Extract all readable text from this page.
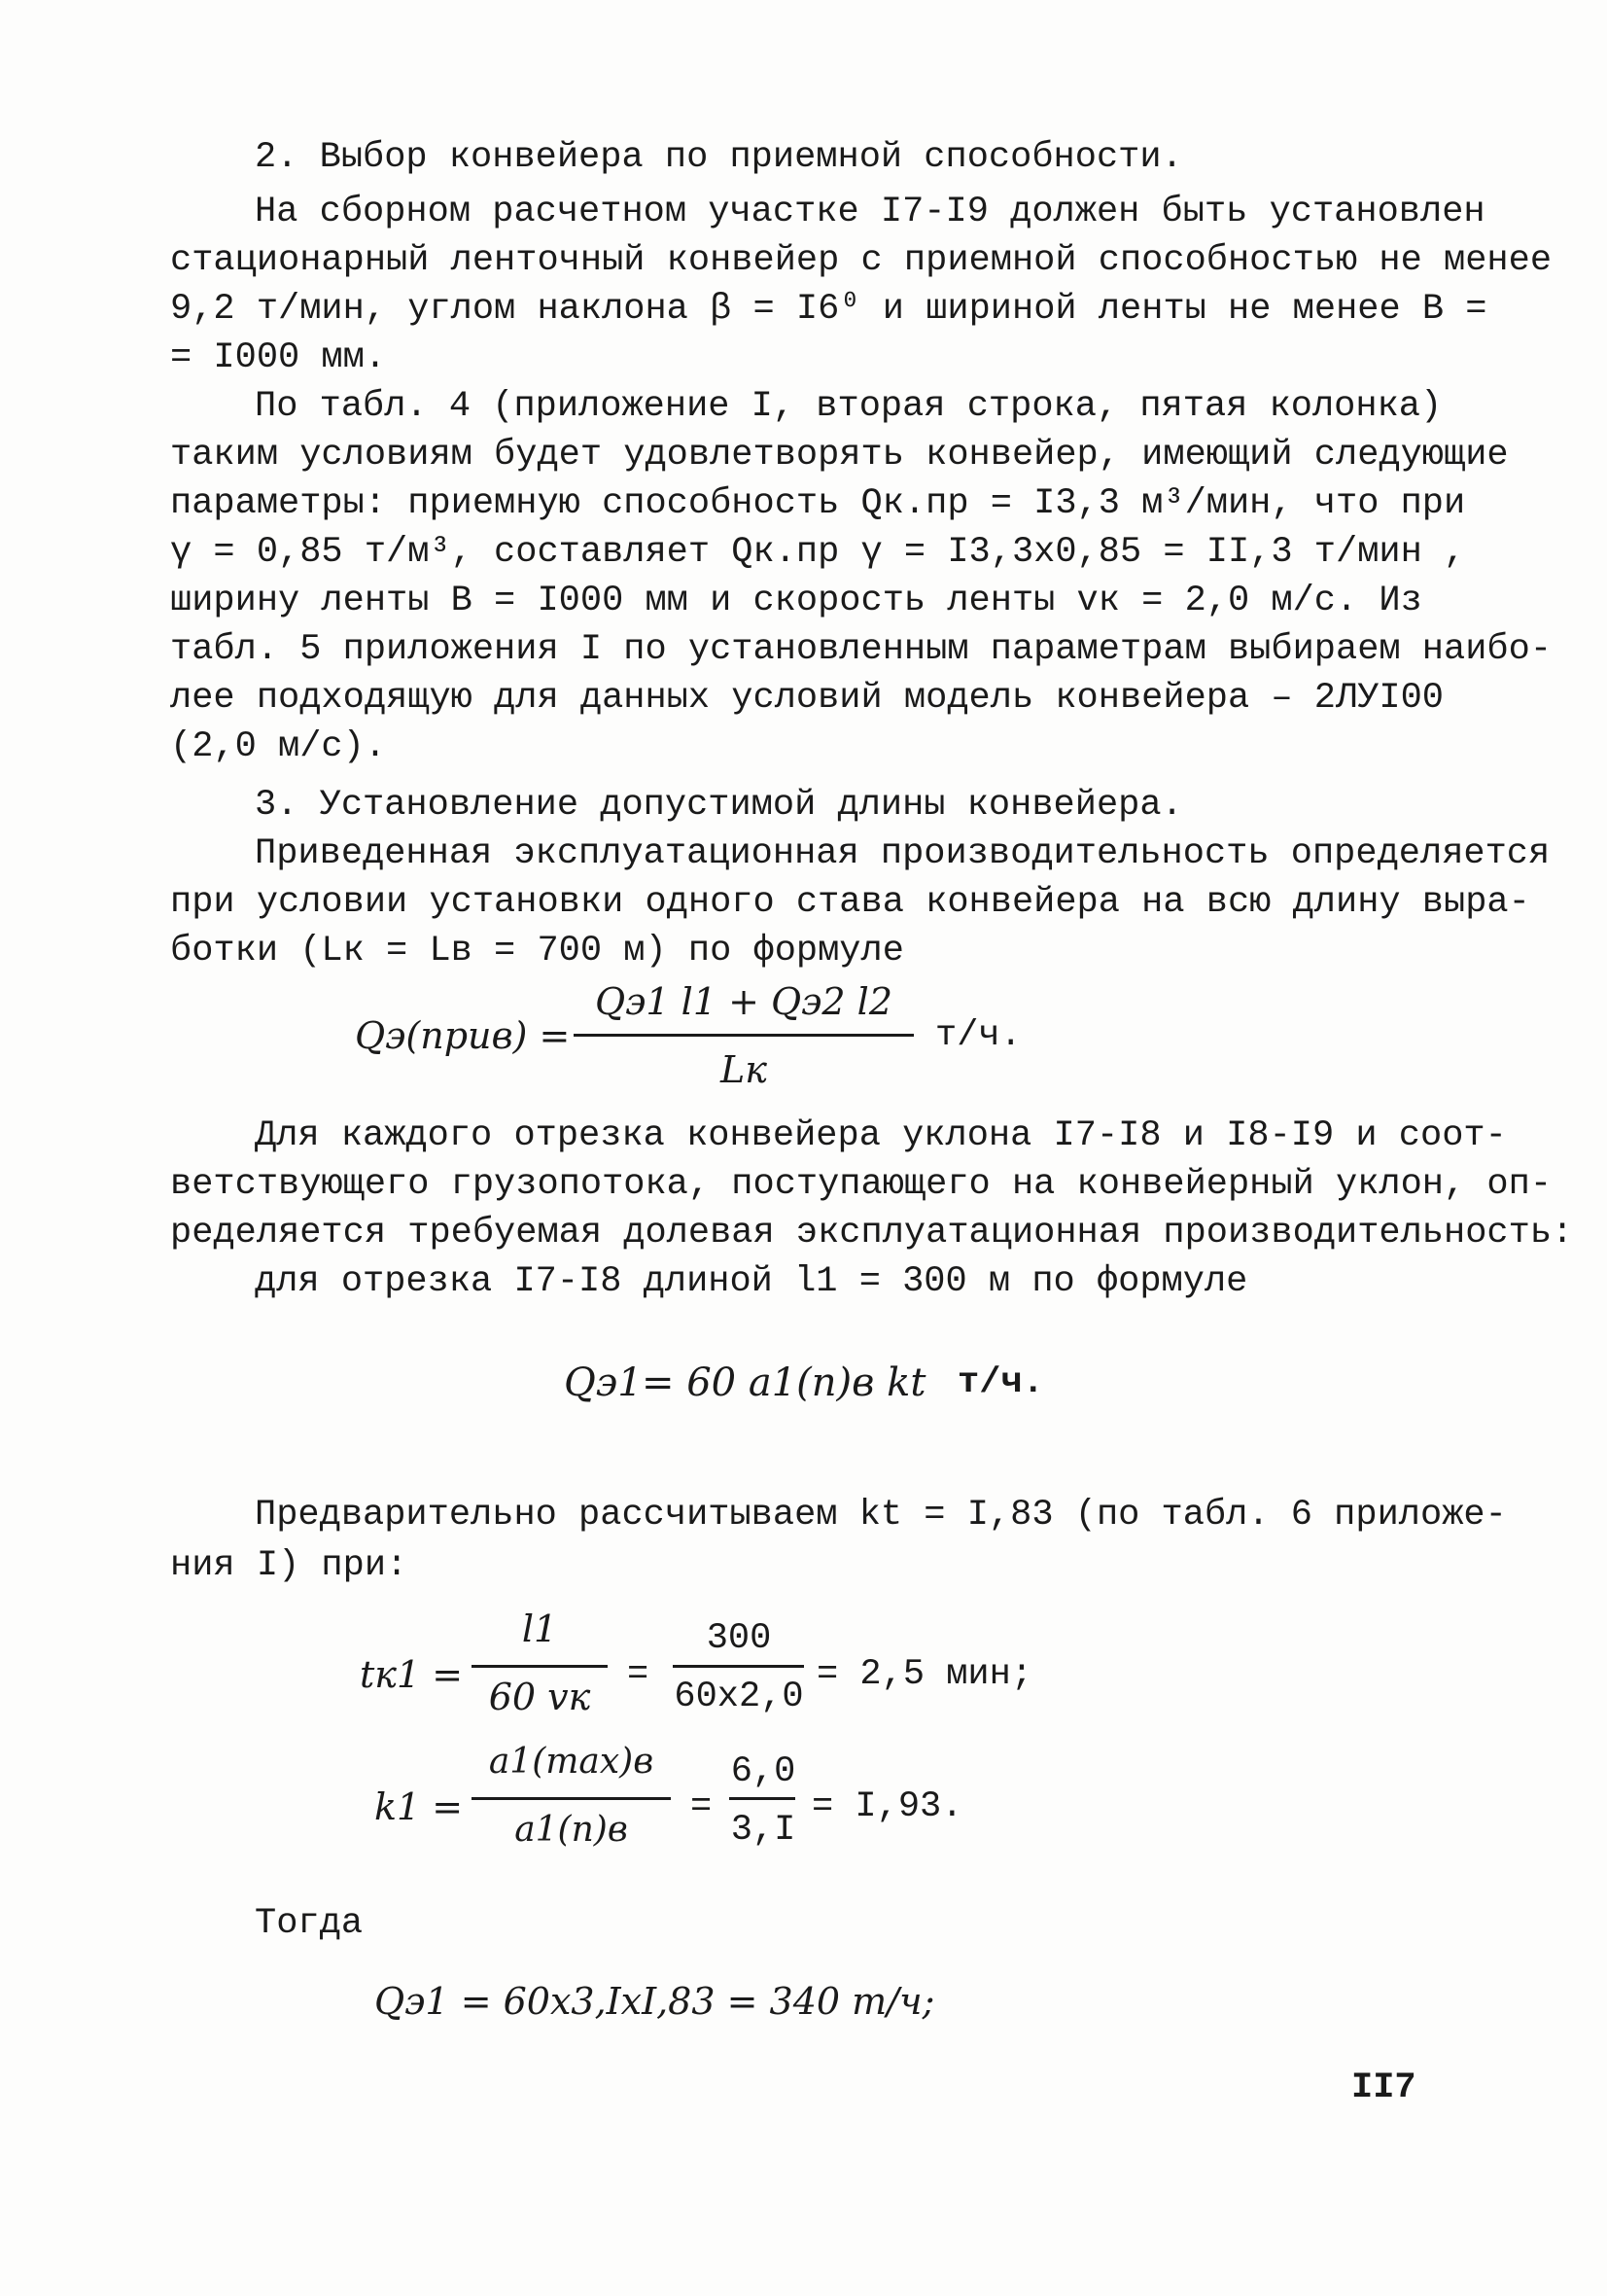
2. Выбор конвейера по приемной способности.
На сборном расчетном участке I7-I9 должен быть установлен
стационарный ленточный конвейер с приемной способностью не менее
9,2 т/мин, углом наклона β = I6⁰ и шириной ленты не менее B =
= I000 мм.
По табл. 4 (приложение I, вторая строка, пятая колонка)
таким условиям будет удовлетворять конвейер, имеющий следующие
параметры: приемную способность Qк.пр = I3,3 м³/мин, что при
γ = 0,85 т/м³, составляет Qк.пр γ = I3,3x0,85 = II,3 т/мин ,
ширину ленты B = I000 мм и скорость ленты vк = 2,0 м/с. Из
табл. 5 приложения I по установленным параметрам выбираем наибо-
лее подходящую для данных условий модель конвейера – 2ЛУI00
(2,0 м/с).
3. Установление допустимой длины конвейера.
Приведенная эксплуатационная производительность определяется
при условии установки одного става конвейера на всю длину выра-
ботки (Lк = Lв = 700 м) по формуле
Qэ(прив) =
Qэ1 l1 + Qэ2 l2
Lк
т/ч.
Для каждого отрезка конвейера уклона I7-I8 и I8-I9 и соот-
ветствующего грузопотока, поступающего на конвейерный уклон, оп-
ределяется требуемая долевая эксплуатационная производительность:
для отрезка I7-I8 длиной l1 = 300 м по формуле
Qэ1 = 60 a1(п)в kt т/ч.
Предварительно рассчитываем kt = I,83 (по табл. 6 приложе-
ния I) при:
tк1 =
l1
60 vк
=
300
60x2,0
= 2,5 мин;
k1 =
a1(max)в
a1(п)в
=
6,0
3,I
= I,93.
Тогда
Qэ1 = 60x3,IxI,83 = 340 т/ч;
II7
